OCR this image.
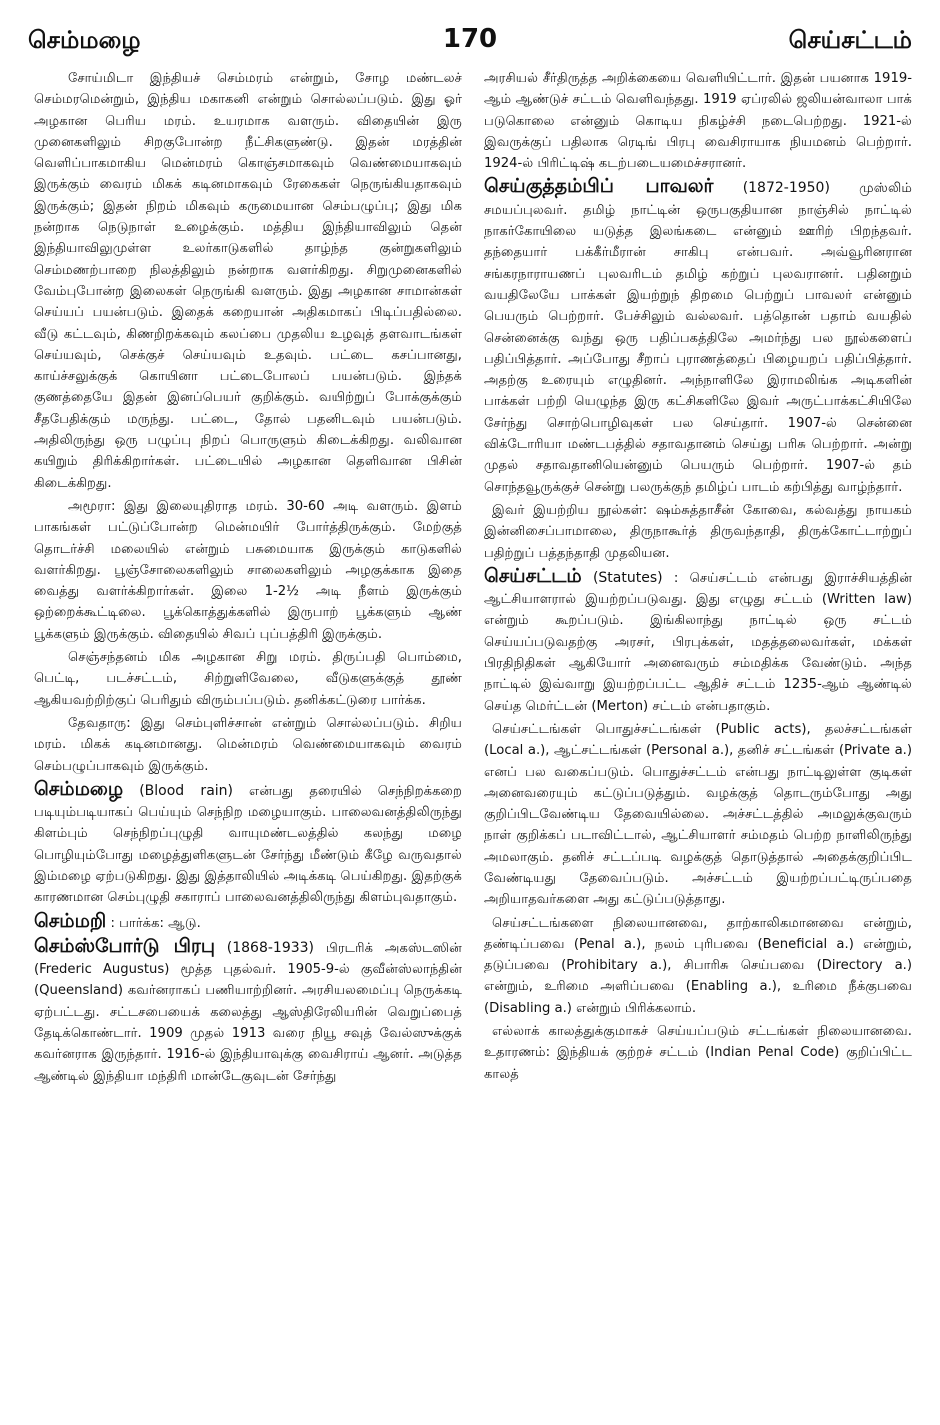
செம்மழை	170	செய்சட்டம்

சோய்மிடா இந்தியச் செம்மரம் என்றும், சோழ மண்டலச் செம்மரமென்றும், இந்திய மகாகனி என்றும் சொல்லப்படும். இது ஓர் அழகான பெரிய மரம். உயரமாக வளரும். விதையின் இரு முனைகளிலும் சிறகுபோன்ற நீட்சிகளுண்டு. இதன் மரத்தின் வெளிப்பாகமாகிய மென்மரம் கொஞ்சமாகவும் வெண்மையாகவும் இருக்கும் வைரம் மிகக் கடினமாகவும் ரேகைகள் நெருங்கியதாகவும் இருக்கும்; இதன் நிறம் மிகவும் கருமையான செம்பழுப்பு; இது மிக நன்றாக நெடுநாள் உழைக்கும். மத்திய இந்தியாவிலும் தென் இந்தியாவிலுமுள்ள உலர்காடுகளில் தாழ்ந்த குன்றுகளிலும் செம்மணற்பாறை நிலத்திலும் நன்றாக வளர்கிறது. சிறுமுனைகளில் வேம்புபோன்ற இலைகள் நெருங்கி வளரும். இது அழகான சாமான்கள் செய்யப் பயன்படும். இதைக் கறையான் அதிகமாகப் பிடிப்பதில்லை. வீடு கட்டவும், கிணறிறக்கவும் கலப்பை முதலிய உழவுத் தளவாடங்கள் செய்யவும், செக்குச் செய்யவும் உதவும். பட்டை கசப்பானது, காய்ச்சலுக்குக் கொயினா பட்டைபோலப் பயன்படும். இந்தக் குணத்தையே இதன் இனப்பெயர் குறிக்கும். வயிற்றுப் போக்குக்கும் சீதபேதிக்கும் மருந்து. பட்டை, தோல் பதனிடவும் பயன்படும். அதிலிருந்து ஒரு பழுப்பு நிறப் பொருளும் கிடைக்கிறது. வலிவான கயிறும் திரிக்கிறார்கள். பட்டையில் அழகான தெளிவான பிசின் கிடைக்கிறது.

அமூரா: இது இலையுதிராத மரம். 30-60 அடி வளரும். இளம் பாகங்கள் பட்டுப்போன்ற மென்மயிர் போர்த்திருக்கும். மேற்குத் தொடர்ச்சி மலையில் என்றும் பசுமையாக இருக்கும் காடுகளில் வளர்கிறது. பூஞ்சோலைகளிலும் சாலைகளிலும் அழகுக்காக இதை வைத்து வளர்க்கிறார்கள். இலை 1-2½ அடி நீளம் இருக்கும் ஒற்றைக்கூட்டிலை. பூக்கொத்துக்களில் இருபாற் பூக்களும் ஆண் பூக்களும் இருக்கும். விதையில் சிவப் புப்பத்திரி இருக்கும்.

செஞ்சந்தனம் மிக அழகான சிறு மரம். திருப்பதி பொம்மை, பெட்டி, படச்சட்டம், சிற்றுளிவேலை, வீடுகளுக்குத் தூண் ஆகியவற்றிற்குப் பெரிதும் விரும்பப்படும். தனிக்கட்டுரை பார்க்க.

தேவதாரு: இது செம்புளிச்சான் என்றும் சொல்லப்படும். சிறிய மரம். மிகக் கடினமானது. மென்மரம் வெண்மையாகவும் வைரம் செம்பழுப்பாகவும் இருக்கும்.

செம்மழை (Blood rain) என்பது தரையில் செந்நிறக்கறை படியும்படியாகப் பெய்யும் செந்நிற மழையாகும். பாலைவனத்திலிருந்து கிளம்பும் செந்நிறப்புழுதி வாயுமண்டலத்தில் கலந்து மழை பொழியும்போது மழைத்துளிகளுடன் சேர்ந்து மீண்டும் கீழே வருவதால் இம்மழை ஏற்படுகிறது. இது இத்தாலியில் அடிக்கடி பெய்கிறது. இதற்குக் காரணமான செம்புழுதி சகாராப் பாலைவனத்திலிருந்து கிளம்புவதாகும்.

செம்மறி : பார்க்க: ஆடு.

செம்ஸ்போர்டு பிரபு (1868-1933) பிரடரிக் அகஸ்டஸின் (Frederic Augustus) மூத்த புதல்வர். 1905-9-ல் குவீன்ஸ்லாந்தின் (Queensland) கவர்னராகப் பணியாற்றினர். அரசியலமைப்பு நெருக்கடி ஏற்பட்டது. சட்டசபையைக் கலைத்து ஆஸ்திரேலியரின் வெறுப்பைத் தேடிக்கொண்டார். 1909 முதல் 1913 வரை நியூ சவுத் வேல்ஸுக்குக் கவர்னராக இருந்தார். 1916-ல் இந்தியாவுக்கு வைசிராய் ஆனர். அடுத்த ஆண்டில் இந்தியா மந்திரி மான்டேகுவுடன் சேர்ந்து

அரசியல் சீர்திருத்த அறிக்கையை வெளியிட்டார். இதன் பயனாக 1919-ஆம் ஆண்டுச் சட்டம் வெளிவந்தது. 1919 ஏப்ரலில் ஜலியன்வாலா பாக் படுகொலை என்னும் கொடிய நிகழ்ச்சி நடைபெற்றது. 1921-ல் இவருக்குப் பதிலாக ரெடிங் பிரபு வைசிராயாக நியமனம் பெற்றார். 1924-ல் பிரிட்டிஷ் கடற்படையமைச்சரானர்.

செய்குத்தம்பிப் பாவலர் (1872-1950) முஸ்லிம் சமயப்புலவர். தமிழ் நாட்டின் ஒருபகுதியான நாஞ்சில் நாட்டில் நாகர்கோயிலை யடுத்த இலங்கடை என்னும் ஊரிற் பிறந்தவர். தந்தையார் பக்கீர்மீரான் சாகிபு என்பவர். அவ்வூரினரான சங்கரநாராயணப் புலவரிடம் தமிழ் கற்றுப் புலவரானர். பதினறும் வயதிலேயே பாக்கள் இயற்றுந் திறமை பெற்றுப் பாவலர் என்னும் பெயரும் பெற்றார். பேச்சிலும் வல்லவர். பத்தொன் பதாம் வயதில் சென்னைக்கு வந்து ஒரு பதிப்பகத்திலே அமர்ந்து பல நூல்களைப் பதிப்பித்தார். அப்போது சீறாப் புராணத்தைப் பிழையறப் பதிப்பித்தார். அதற்கு உரையும் எழுதினர். அந்நாளிலே இராமலிங்க அடிகளின் பாக்கள் பற்றி யெழுந்த இரு கட்சிகளிலே இவர் அருட்பாக்கட்சியிலே சேர்ந்து சொற்பொழிவுகள் பல செய்தார். 1907-ல் சென்னை விக்டோரியா மண்டபத்தில் சதாவதானம் செய்து பரிசு பெற்றார். அன்று முதல் சதாவதானியென்னும் பெயரும் பெற்றார். 1907-ல் தம் சொந்தவூருக்குச் சென்று பலருக்குந் தமிழ்ப் பாடம் கற்பித்து வாழ்ந்தார்.

இவர் இயற்றிய நூல்கள்: ஷம்சுத்தாசீன் கோவை, கல்வத்து நாயகம் இன்னிசைப்பாமாலை, திருநாகூர்த் திருவந்தாதி, திருக்கோட்டாற்றுப் பதிற்றுப் பத்தந்தாதி முதலியன.

செய்சட்டம் (Statutes) : செய்சட்டம் என்பது இராச்சியத்தின் ஆட்சியாளரால் இயற்றப்படுவது. இது எழுது சட்டம் (Written law) என்றும் கூறப்படும். இங்கிலாந்து நாட்டில் ஒரு சட்டம் செய்யப்படுவதற்கு அரசர், பிரபுக்கள், மதத்தலைவர்கள், மக்கள் பிரதிநிதிகள் ஆகியோர் அனைவரும் சம்மதிக்க வேண்டும். அந்த நாட்டில் இவ்வாறு இயற்றப்பட்ட ஆதிச் சட்டம் 1235-ஆம் ஆண்டில் செய்த மெர்ட்டன் (Merton) சட்டம் என்பதாகும்.

செய்சட்டங்கள் பொதுச்சட்டங்கள் (Public acts), தலச்சட்டங்கள் (Local a.), ஆட்சட்டங்கள் (Personal a.), தனிச் சட்டங்கள் (Private a.) எனப் பல வகைப்படும். பொதுச்சட்டம் என்பது நாட்டிலுள்ள குடிகள் அனைவரையும் கட்டுப்படுத்தும். வழக்குத் தொடரும்போது அது குறிப்பிடவேண்டிய தேவையில்லை. அச்சட்டத்தில் அமலுக்குவரும் நாள் குறிக்கப் படாவிட்டால், ஆட்சியாளர் சம்மதம் பெற்ற நாளிலிருந்து அமலாகும். தனிச் சட்டப்படி வழக்குத் தொடுத்தால் அதைக்குறிப்பிட வேண்டியது தேவைப்படும். அச்சட்டம் இயற்றப்பட்டிருப்பதை அறியாதவர்களை அது கட்டுப்படுத்தாது.

செய்சட்டங்களை நிலையானவை, தாற்காலிகமானவை என்றும், தண்டிப்பவை (Penal a.), நலம் புரிபவை (Beneficial a.) என்றும், தடுப்பவை (Prohibitary a.), சிபாரிசு செய்பவை (Directory a.) என்றும், உரிமை அளிப்பவை (Enabling a.), உரிமை நீக்குபவை (Disabling a.) என்றும் பிரிக்கலாம்.

எல்லாக் காலத்துக்குமாகச் செய்யப்படும் சட்டங்கள் நிலையானவை. உதாரணம்: இந்தியக் குற்றச் சட்டம் (Indian Penal Code) குறிப்பிட்ட காலத்
